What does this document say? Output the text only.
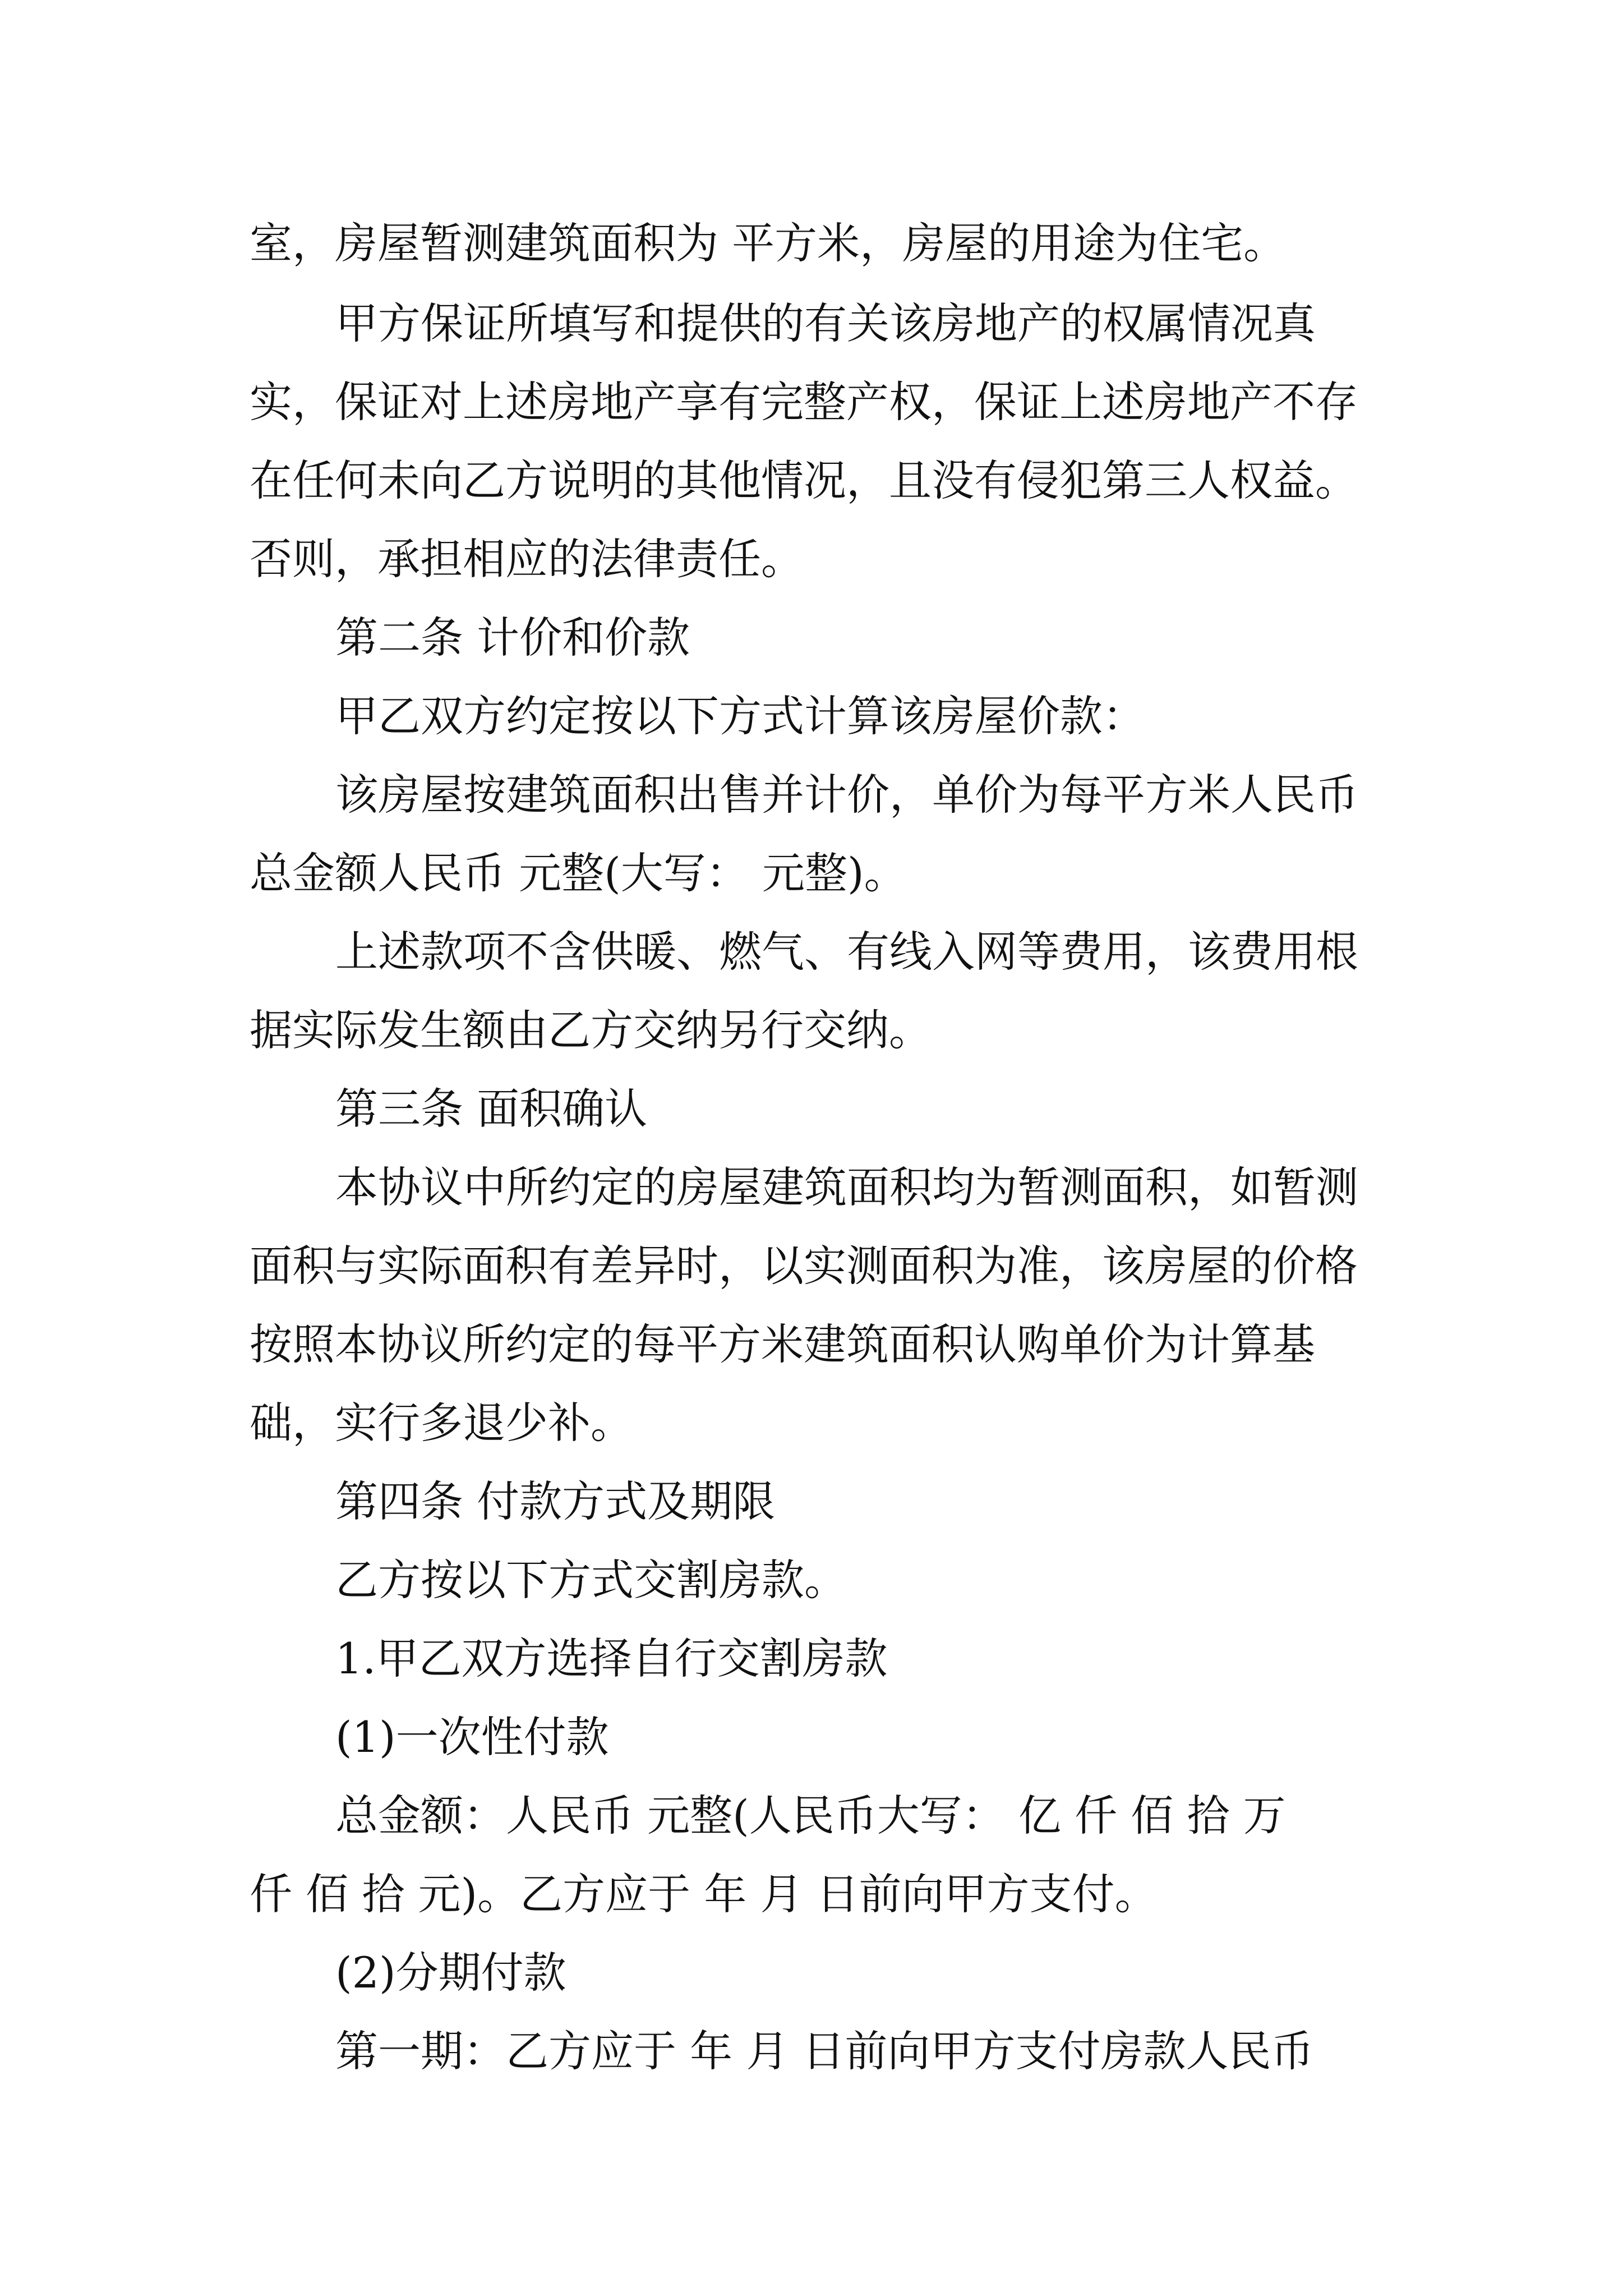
室，房屋暂测建筑面积为 平方米，房屋的用途为住宅。
甲方保证所填写和提供的有关该房地产的权属情况真
实，保证对上述房地产享有完整产权，保证上述房地产不存
在任何未向乙方说明的其他情况，且没有侵犯第三人权益。
否则，承担相应的法律责任。
第二条 计价和价款
甲乙双方约定按以下方式计算该房屋价款：
该房屋按建筑面积出售并计价，单价为每平方米人民币
总金额人民币 元整(大写： 元整)。
上述款项不含供暖、燃气、有线入网等费用，该费用根
据实际发生额由乙方交纳另行交纳。
第三条 面积确认
本协议中所约定的房屋建筑面积均为暂测面积，如暂测
面积与实际面积有差异时，以实测面积为准，该房屋的价格
按照本协议所约定的每平方米建筑面积认购单价为计算基
础，实行多退少补。
第四条 付款方式及期限
乙方按以下方式交割房款。
1.甲乙双方选择自行交割房款
(1)一次性付款
总金额：人民币 元整(人民币大写： 亿 仟 佰 拾 万
仟 佰 拾 元)。乙方应于 年 月 日前向甲方支付。
(2)分期付款
第一期：乙方应于 年 月 日前向甲方支付房款人民币
